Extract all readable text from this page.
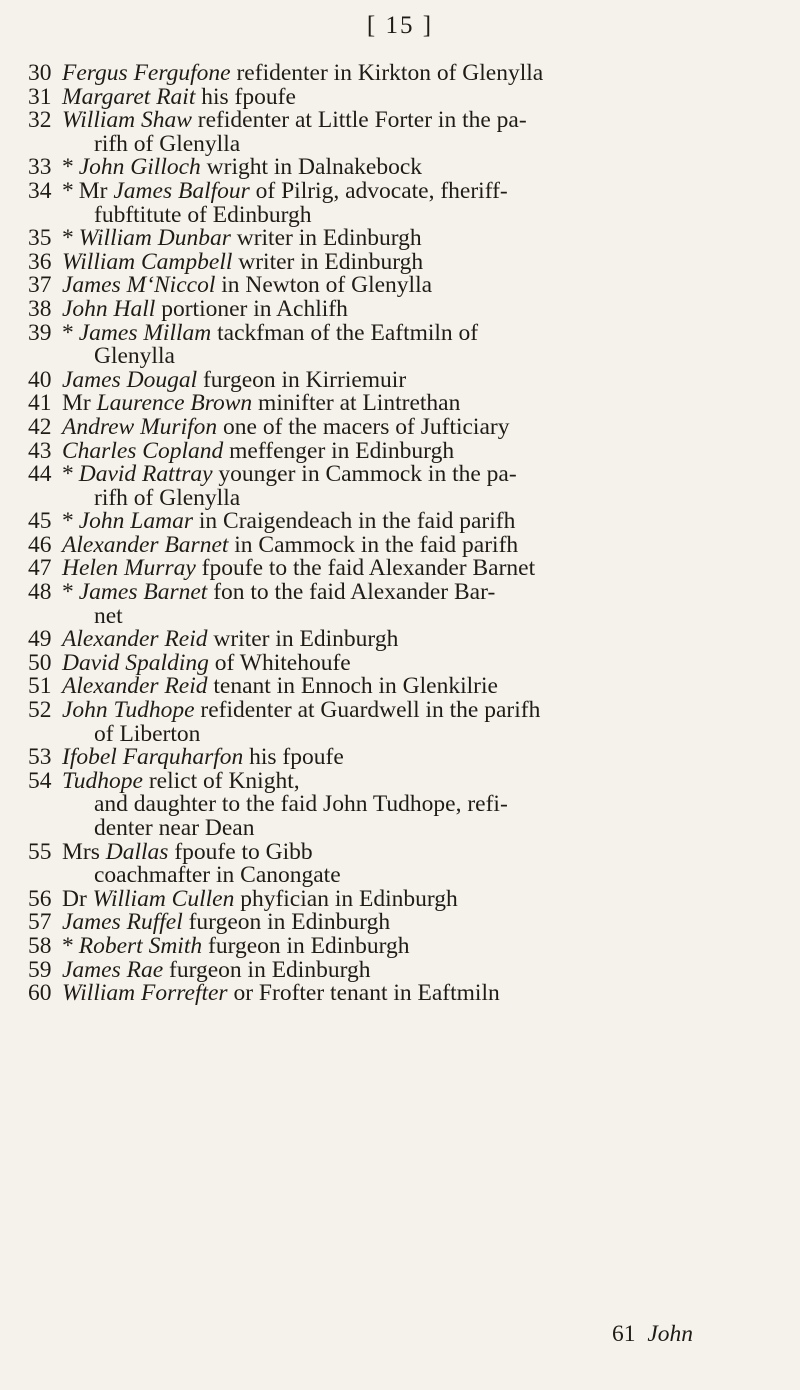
[ 15 ]
30 Fergus Fergufone refidenter in Kirkton of Glenylla
31 Margaret Rait his fpoufe
32 William Shaw refidenter at Little Forter in the pa-
rifh of Glenylla
33 * John Gilloch wright in Dalnakebock
34 * Mr James Balfour of Pilrig, advocate, fheriff-
fubftitute of Edinburgh
35 * William Dunbar writer in Edinburgh
36 William Campbell writer in Edinburgh
37 James M‘Niccol in Newton of Glenylla
38 John Hall portioner in Achlifh
39 * James Millam tackfman of the Eaftmiln of
Glenylla
40 James Dougal furgeon in Kirriemuir
41 Mr Laurence Brown minifter at Lintrethan
42 Andrew Murifon one of the macers of Jufticiary
43 Charles Copland meffenger in Edinburgh
44 * David Rattray younger in Cammock in the pa-
rifh of Glenylla
45 * John Lamar in Craigendeach in the faid parifh
46 Alexander Barnet in Cammock in the faid parifh
47 Helen Murray fpoufe to the faid Alexander Barnet
48 * James Barnet fon to the faid Alexander Bar-
net
49 Alexander Reid writer in Edinburgh
50 David Spalding of Whitehoufe
51 Alexander Reid tenant in Ennoch in Glenkilrie
52 John Tudhope refidenter at Guardwell in the parifh
of Liberton
53 Ifobel Farquharfon his fpoufe
54 Tudhope relict of Knight,
and daughter to the faid John Tudhope, refi-
denter near Dean
55 Mrs Dallas fpoufe to Gibb
coachmafter in Canongate
56 Dr William Cullen phyfician in Edinburgh
57 James Ruffel furgeon in Edinburgh
58 * Robert Smith furgeon in Edinburgh
59 James Rae furgeon in Edinburgh
60 William Forrefter or Frofter tenant in Eaftmiln
61 John
